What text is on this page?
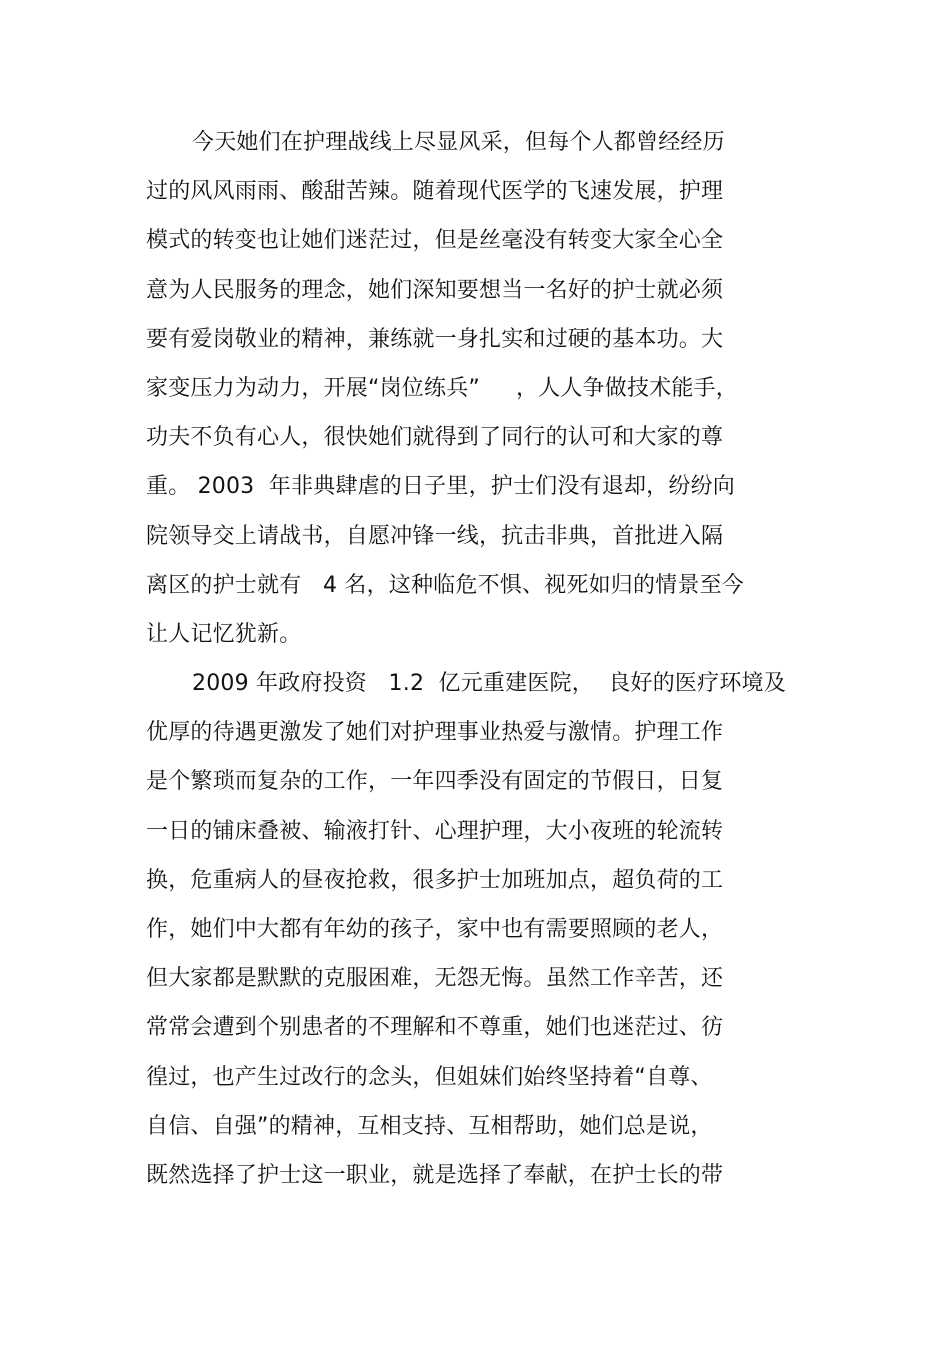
今天她们在护理战线上尽显风采，但每个人都曾经经历
过的风风雨雨、酸甜苦辣。随着现代医学的飞速发展，护理
模式的转变也让她们迷茫过，但是丝毫没有转变大家全心全
意为人民服务的理念，她们深知要想当一名好的护士就必须
要有爱岗敬业的精神，兼练就一身扎实和过硬的基本功。大
家变压力为动力，开展“岗位练兵”     ，人人争做技术能手，
功夫不负有心人，很快她们就得到了同行的认可和大家的尊
重。 2003  年非典肆虐的日子里，护士们没有退却，纷纷向
院领导交上请战书，自愿冲锋一线，抗击非典，首批进入隔
离区的护士就有   4 名，这种临危不惧、视死如归的情景至今
让人记忆犹新。
2009 年政府投资   1.2  亿元重建医院，  良好的医疗环境及
优厚的待遇更激发了她们对护理事业热爱与激情。护理工作
是个繁琐而复杂的工作，一年四季没有固定的节假日，日复
一日的铺床叠被、输液打针、心理护理，大小夜班的轮流转
换，危重病人的昼夜抢救，很多护士加班加点，超负荷的工
作，她们中大都有年幼的孩子，家中也有需要照顾的老人，
但大家都是默默的克服困难，无怨无悔。虽然工作辛苦，还
常常会遭到个别患者的不理解和不尊重，她们也迷茫过、彷
徨过，也产生过改行的念头，但姐妹们始终坚持着“自尊、
自信、自强”的精神，互相支持、互相帮助，她们总是说，
既然选择了护士这一职业，就是选择了奉献，在护士长的带
